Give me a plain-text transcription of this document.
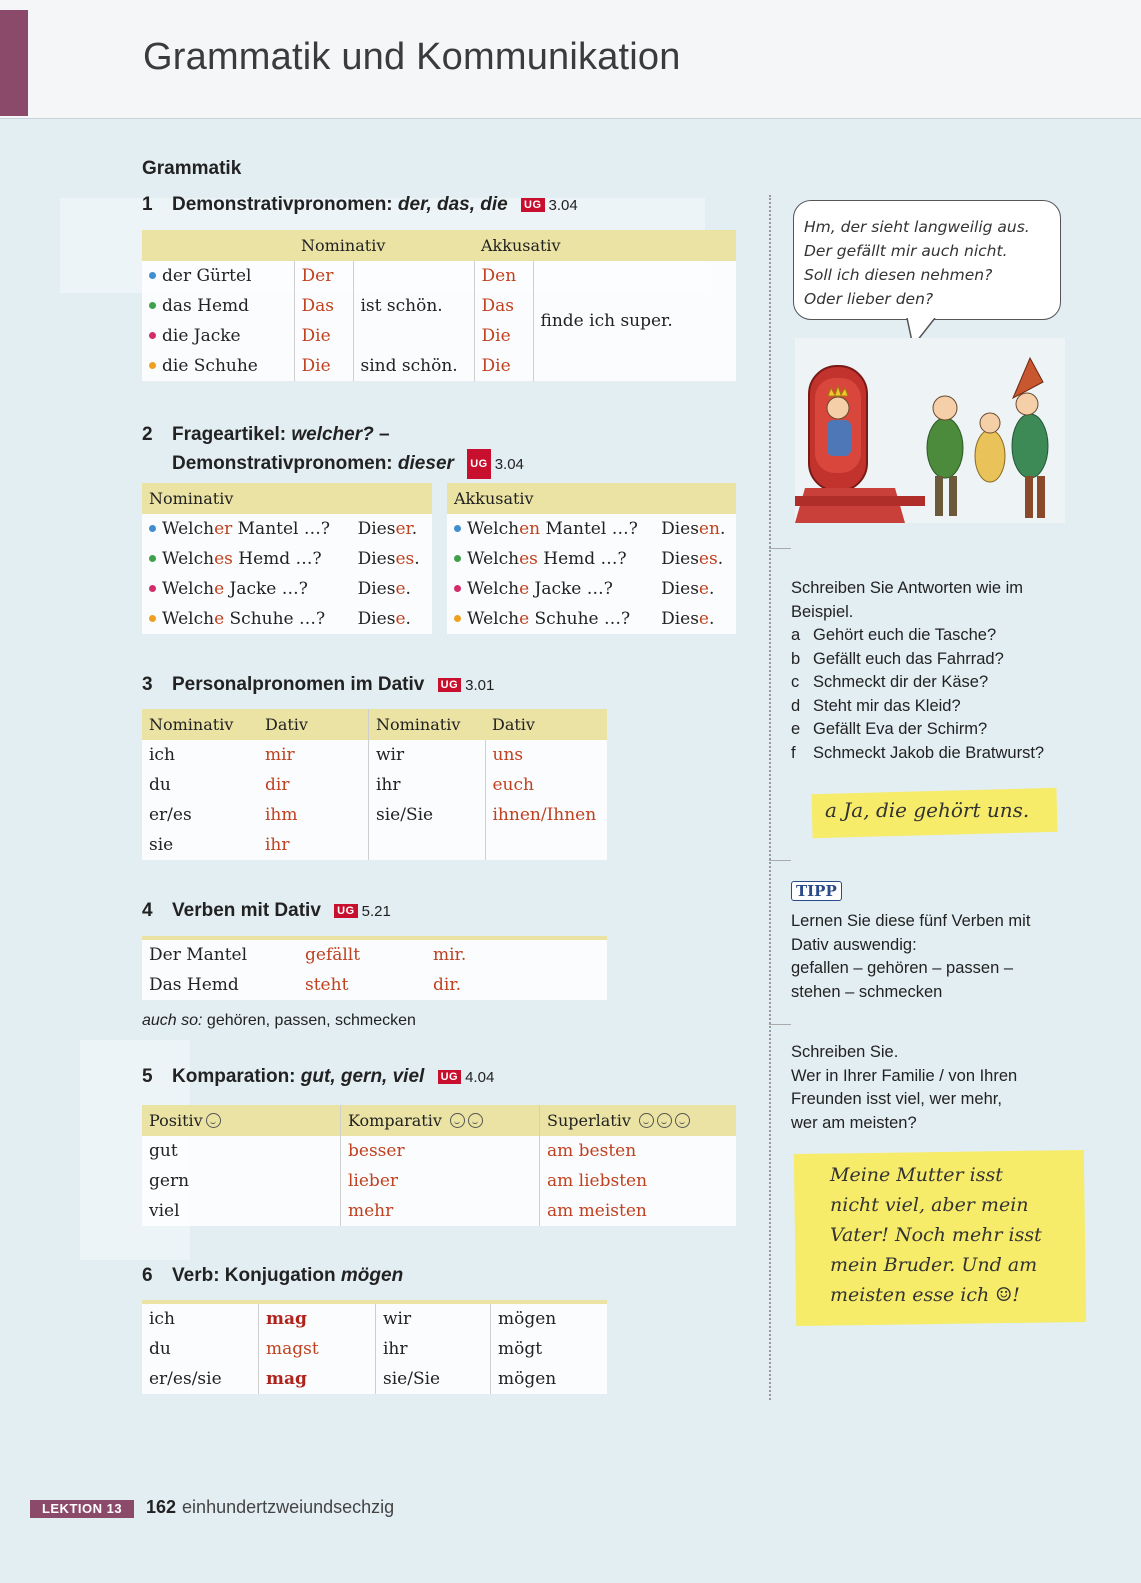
Grammatik und Kommunikation
Grammatik
1 Demonstrativpronomen: der, das, die UG 3.04
	Nominativ		Akkusativ	
der Gürtel	Der	ist schön.	Den	finde ich super.
das Hemd	Das		Das	
die Jacke	Die		Die	
die Schuhe	Die	sind schön.	Die	
2 Frageartikel: welcher? –
Demonstrativpronomen: dieser UG 3.04
Nominativ	
Welcher Mantel …?	Dieser.
Welches Hemd …?	Dieses.
Welche Jacke …?	Diese.
Welche Schuhe …?	Diese.
Akkusativ	
Welchen Mantel …?	Diesen.
Welches Hemd …?	Dieses.
Welche Jacke …?	Diese.
Welche Schuhe …?	Diese.
3 Personalpronomen im Dativ UG 3.01
Nominativ	Dativ	Nominativ	Dativ
ich	mir	wir	uns
du	dir	ihr	euch
er/es	ihm	sie/Sie	ihnen/Ihnen
sie	ihr		
4 Verben mit Dativ UG 5.21
Der Mantel	gefällt	mir.
Das Hemd	steht	dir.
auch so: gehören, passen, schmecken
5 Komparation: gut, gern, viel UG 4.04
Positiv	Komparativ	Superlativ
gut	besser	am besten
gern	lieber	am liebsten
viel	mehr	am meisten
6 Verb: Konjugation mögen
ich	mag	wir	mögen
du	magst	ihr	mögt
er/es/sie	mag	sie/Sie	mögen
Hm, der sieht langweilig aus.
Der gefällt mir auch nicht.
Soll ich diesen nehmen?
Oder lieber den?
Schreiben Sie Antworten wie im
Beispiel.
a Gehört euch die Tasche?
b Gefällt euch das Fahrrad?
c Schmeckt dir der Käse?
d Steht mir das Kleid?
e Gefällt Eva der Schirm?
f Schmeckt Jakob die Bratwurst?
a Ja, die gehört uns.
TIPP
Lernen Sie diese fünf Verben mit
Dativ auswendig:
gefallen – gehören – passen –
stehen – schmecken
Schreiben Sie.
Wer in Ihrer Familie / von Ihren
Freunden isst viel, wer mehr,
wer am meisten?
Meine Mutter isst
nicht viel, aber mein
Vater! Noch mehr isst
mein Bruder. Und am
meisten esse ich ☺!
LEKTION 13	162 einhundertzweiundsechzig
